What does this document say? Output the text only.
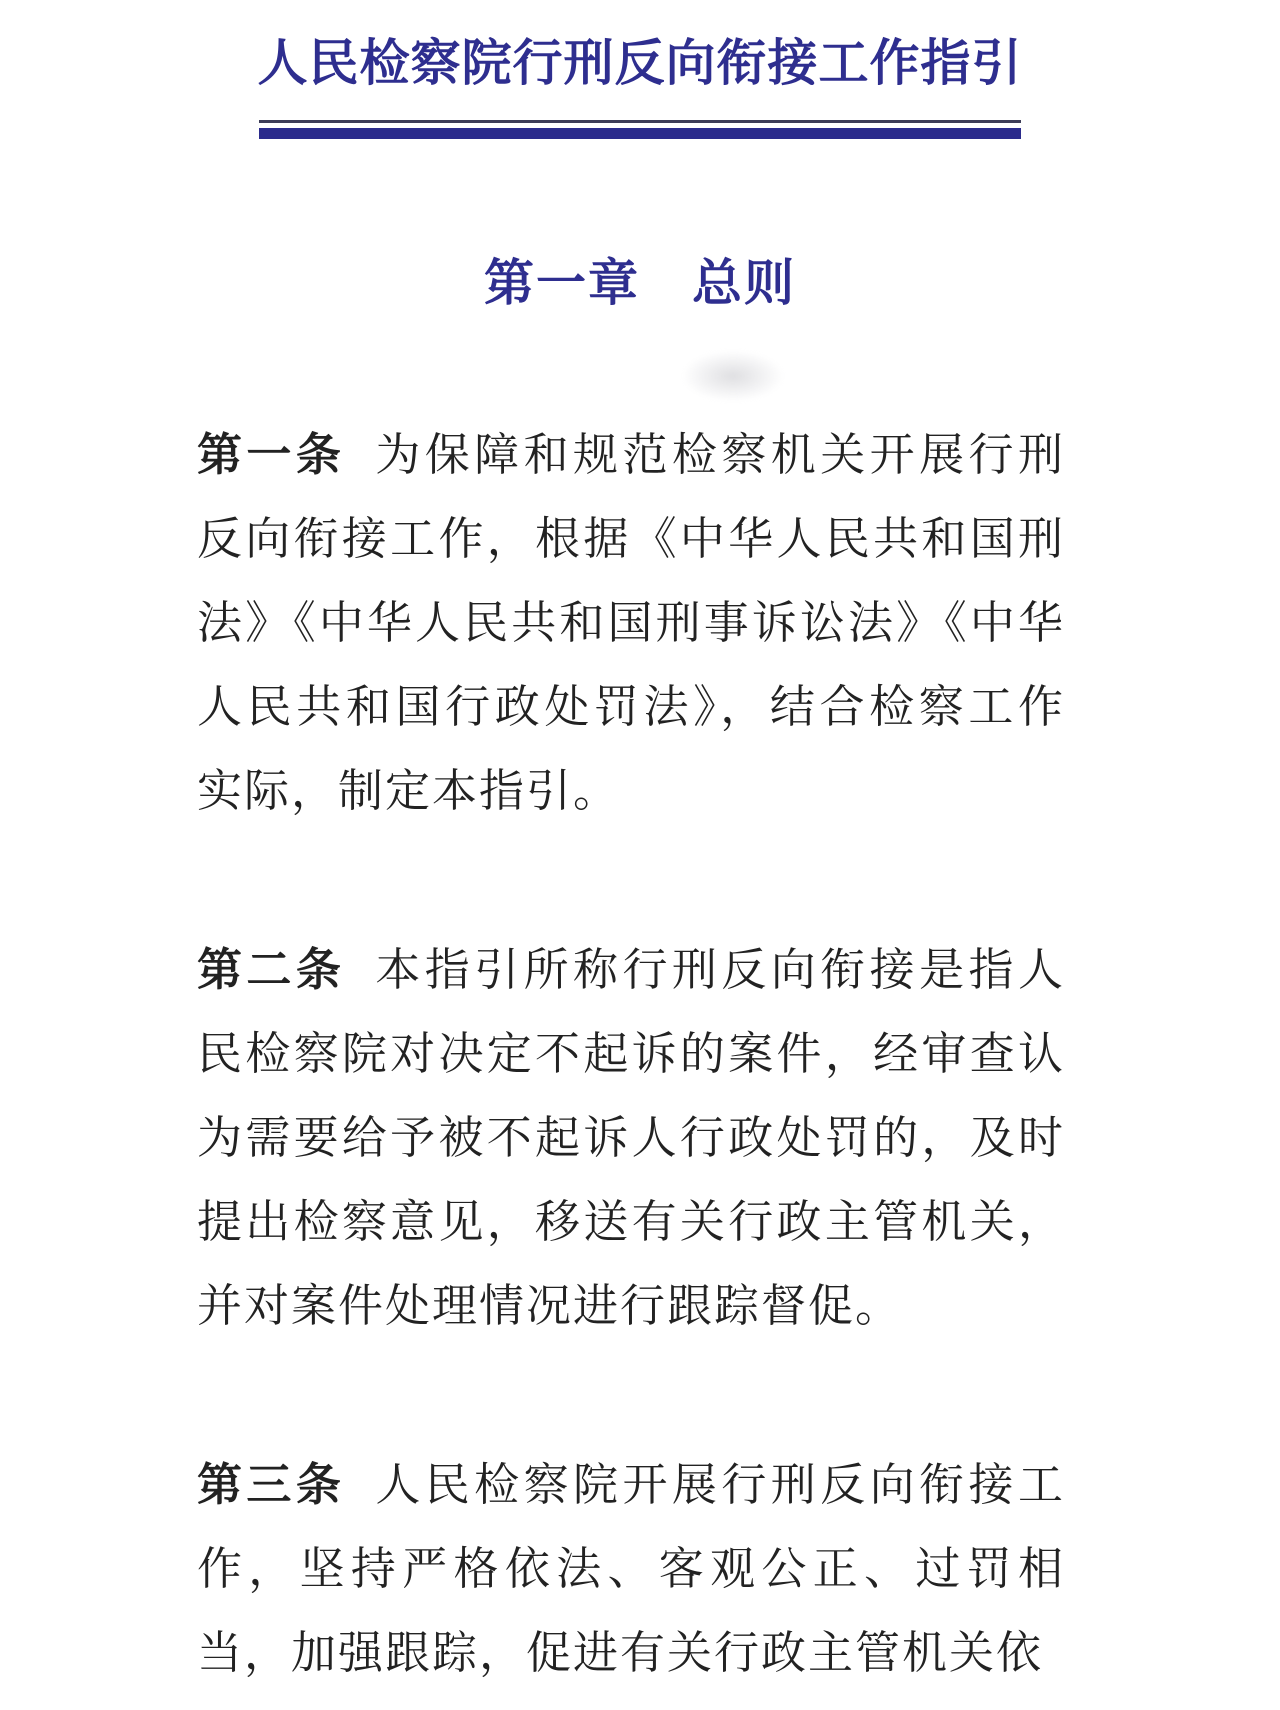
人民检察院行刑反向衔接工作指引
第一章　总则

第一条 为保障和规范检察机关开展行刑反向衔接工作，根据《中华人民共和国刑法》《中华人民共和国刑事诉讼法》《中华人民共和国行政处罚法》，结合检察工作实际，制定本指引。

第二条 本指引所称行刑反向衔接是指人民检察院对决定不起诉的案件，经审查认为需要给予被不起诉人行政处罚的，及时提出检察意见，移送有关行政主管机关，并对案件处理情况进行跟踪督促。

第三条 人民检察院开展行刑反向衔接工作，坚持严格依法、客观公正、过罚相当，加强跟踪，促进有关行政主管机关依
